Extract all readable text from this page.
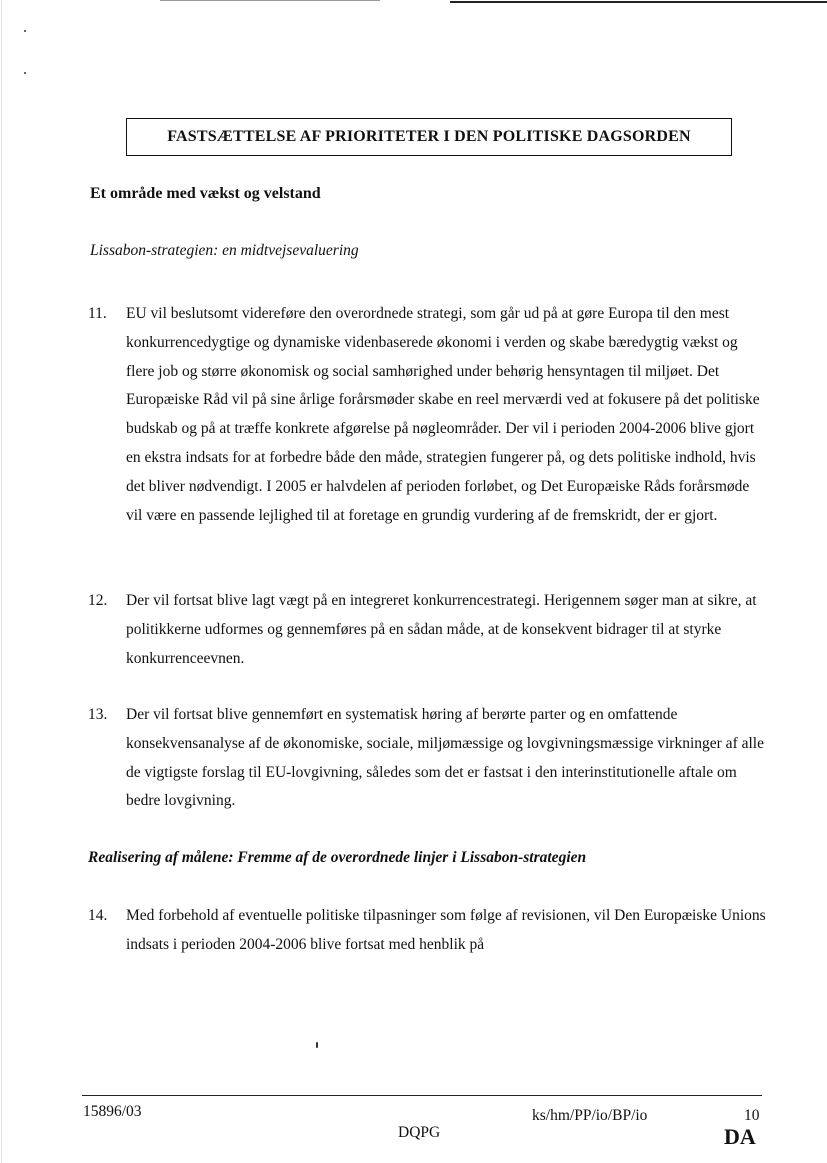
FASTSÆTTELSE AF PRIORITETER I DEN POLITISKE DAGSORDEN
Et område med vækst og velstand
Lissabon-strategien: en midtvejsevaluering
11.	EU vil beslutsomt videreføre den overordnede strategi, som går ud på at gøre Europa til den mest konkurrencedygtige og dynamiske videnbaserede økonomi i verden og skabe bæredygtig vækst og flere job og større økonomisk og social samhørighed under behørig hensyntagen til miljøet. Det Europæiske Råd vil på sine årlige forårsmøder skabe en reel merværdi ved at fokusere på det politiske budskab og på at træffe konkrete afgørelse på nøgleområder. Der vil i perioden 2004-2006 blive gjort en ekstra indsats for at forbedre både den måde, strategien fungerer på, og dets politiske indhold, hvis det bliver nødvendigt. I 2005 er halvdelen af perioden forløbet, og Det Europæiske Råds forårsmøde vil være en passende lejlighed til at foretage en grundig vurdering af de fremskridt, der er gjort.
12.	Der vil fortsat blive lagt vægt på en integreret konkurrencestrategi. Herigennem søger man at sikre, at politikkerne udformes og gennemføres på en sådan måde, at de konsekvent bidrager til at styrke konkurrenceevnen.
13.	Der vil fortsat blive gennemført en systematisk høring af berørte parter og en omfattende konsekvensanalyse af de økonomiske, sociale, miljømæssige og lovgivningsmæssige virkninger af alle de vigtigste forslag til EU-lovgivning, således som det er fastsat i den interinstitutionelle aftale om bedre lovgivning.
Realisering af målene: Fremme af de overordnede linjer i Lissabon-strategien
14.	Med forbehold af eventuelle politiske tilpasninger som følge af revisionen, vil Den Europæiske Unions indsats i perioden 2004-2006 blive fortsat med henblik på
15896/03
DQPG
ks/hm/PP/io/BP/io	10
DA
